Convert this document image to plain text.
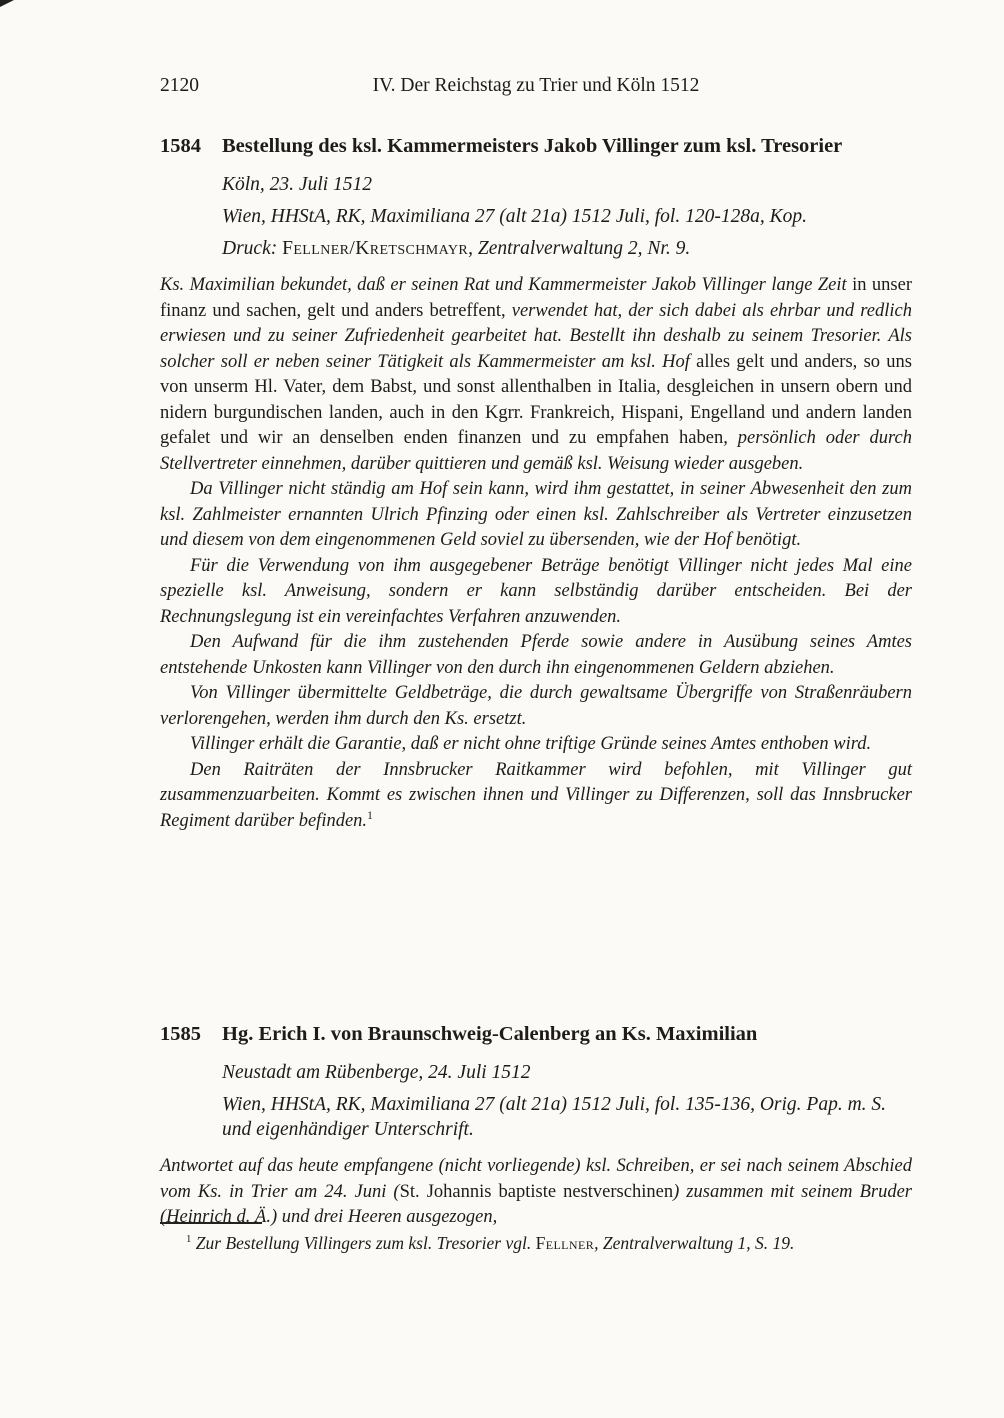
2120	IV. Der Reichstag zu Trier und Köln 1512
1584	Bestellung des ksl. Kammermeisters Jakob Villinger zum ksl. Tresorier

Köln, 23. Juli 1512

Wien, HHStA, RK, Maximiliana 27 (alt 21a) 1512 Juli, fol. 120-128a, Kop.

Druck: Fellner/Kretschmayr, Zentralverwaltung 2, Nr. 9.

Ks. Maximilian bekundet, daß er seinen Rat und Kammermeister Jakob Villinger lange Zeit in unser finanz und sachen, gelt und anders betreffent, verwendet hat, der sich dabei als ehrbar und redlich erwiesen und zu seiner Zufriedenheit gearbeitet hat. Bestellt ihn deshalb zu seinem Tresorier. Als solcher soll er neben seiner Tätigkeit als Kammermeister am ksl. Hof alles gelt und anders, so uns von unserm Hl. Vater, dem Babst, und sonst allenthalben in Italia, desgleichen in unsern obern und nidern burgundischen landen, auch in den Kgrr. Frankreich, Hispani, Engelland und andern landen gefalet und wir an denselben enden finanzen und zu empfahen haben, persönlich oder durch Stellvertreter einnehmen, darüber quittieren und gemäß ksl. Weisung wieder ausgeben.

Da Villinger nicht ständig am Hof sein kann, wird ihm gestattet, in seiner Abwesenheit den zum ksl. Zahlmeister ernannten Ulrich Pfinzing oder einen ksl. Zahlschreiber als Vertreter einzusetzen und diesem von dem eingenommenen Geld soviel zu übersenden, wie der Hof benötigt.

Für die Verwendung von ihm ausgegebener Beträge benötigt Villinger nicht jedes Mal eine spezielle ksl. Anweisung, sondern er kann selbständig darüber entscheiden. Bei der Rechnungslegung ist ein vereinfachtes Verfahren anzuwenden.

Den Aufwand für die ihm zustehenden Pferde sowie andere in Ausübung seines Amtes entstehende Unkosten kann Villinger von den durch ihn eingenommenen Geldern abziehen.

Von Villinger übermittelte Geldbeträge, die durch gewaltsame Übergriffe von Straßenräubern verlorengehen, werden ihm durch den Ks. ersetzt.

Villinger erhält die Garantie, daß er nicht ohne triftige Gründe seines Amtes enthoben wird.

Den Raiträten der Innsbrucker Raitkammer wird befohlen, mit Villinger gut zusammenzuarbeiten. Kommt es zwischen ihnen und Villinger zu Differenzen, soll das Innsbrucker Regiment darüber befinden.$^1$

1585	Hg. Erich I. von Braunschweig-Calenberg an Ks. Maximilian

Neustadt am Rübenberge, 24. Juli 1512

Wien, HHStA, RK, Maximiliana 27 (alt 21a) 1512 Juli, fol. 135-136, Orig. Pap. m. S. und eigenhändiger Unterschrift.

Antwortet auf das heute empfangene (nicht vorliegende) ksl. Schreiben, er sei nach seinem Abschied vom Ks. in Trier am 24. Juni (St. Johannis baptiste nestverschinen) zusammen mit seinem Bruder (Heinrich d. Ä.) und drei Heeren ausgezogen,

$^1$ Zur Bestellung Villingers zum ksl. Tresorier vgl. Fellner, Zentralverwaltung 1, S. 19.
